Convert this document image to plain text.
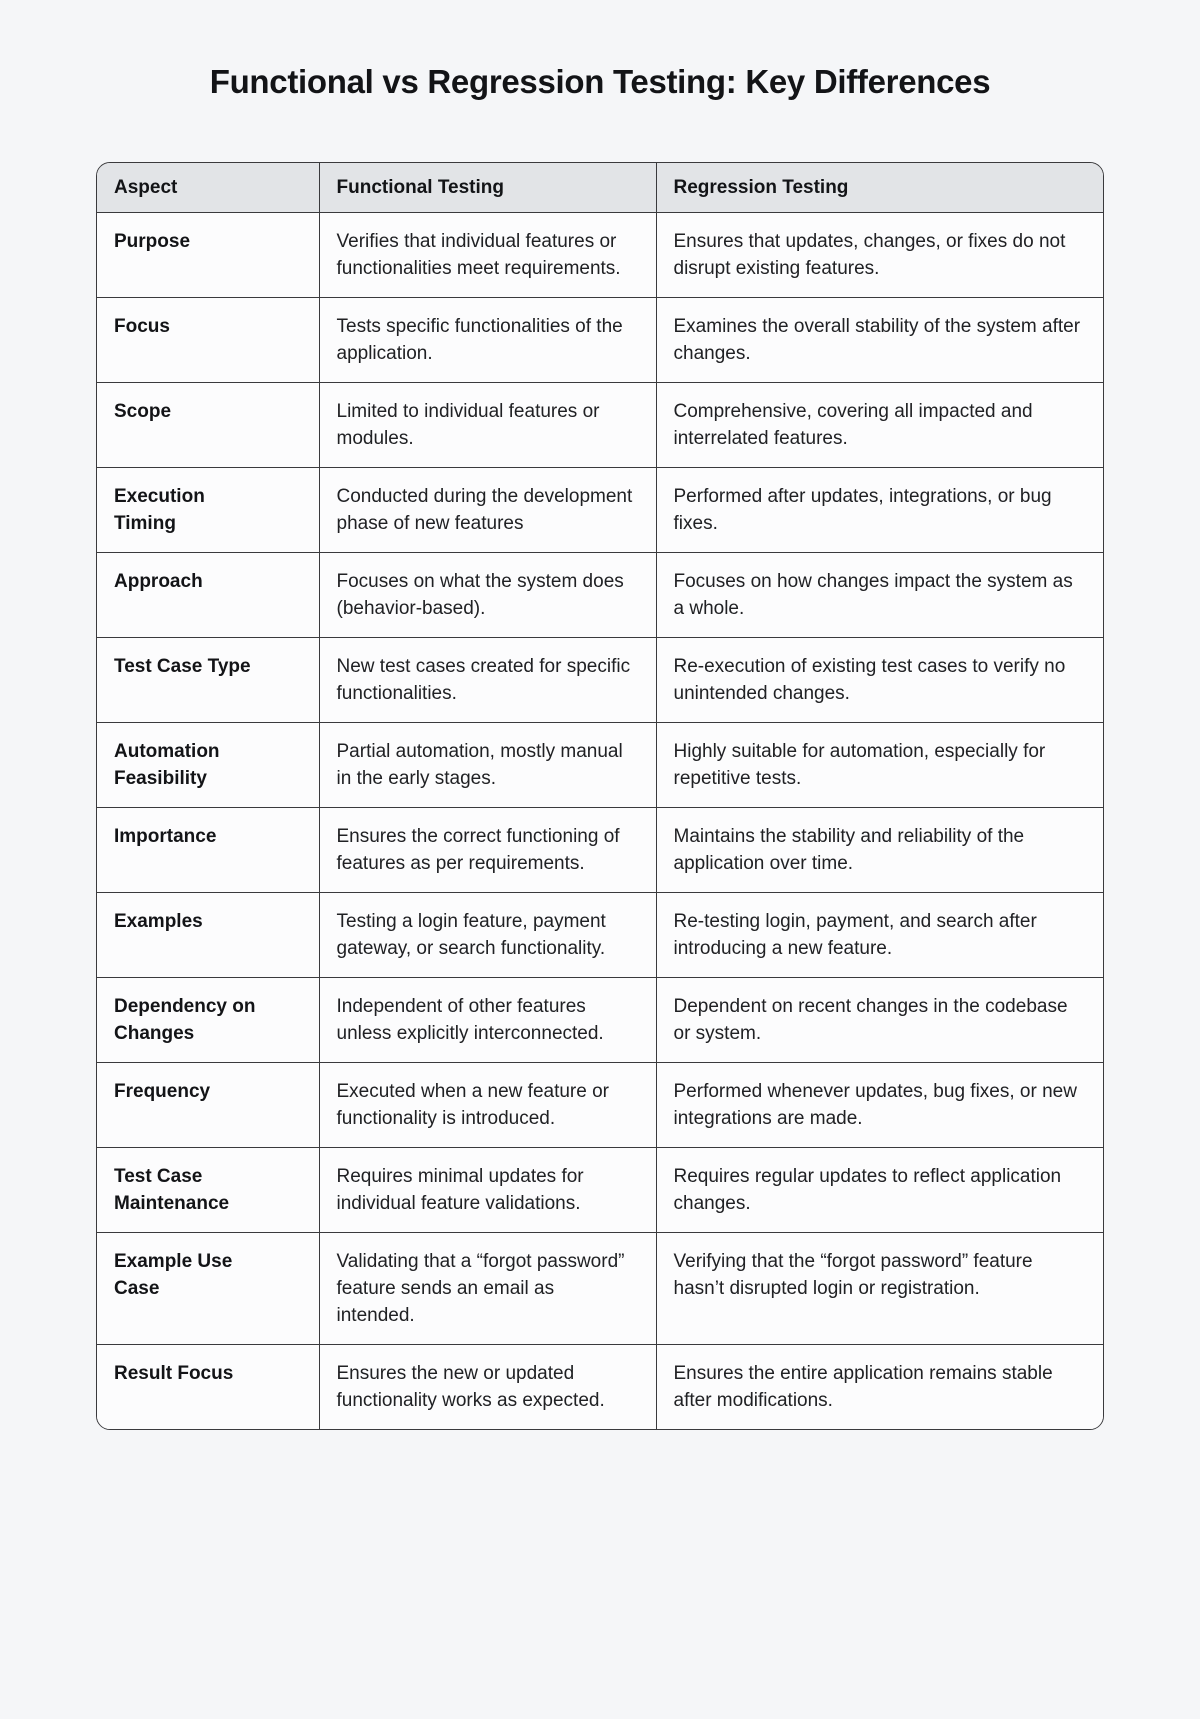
Functional vs Regression Testing: Key Differences
Aspect	Functional Testing	Regression Testing

Purpose	Verifies that individual features or functionalities meet requirements.	Ensures that updates, changes, or fixes do not disrupt existing features.

Focus	Tests specific functionalities of the application.	Examines the overall stability of the system after changes.

Scope	Limited to individual features or modules.	Comprehensive, covering all impacted and interrelated features.

Execution Timing	Conducted during the development phase of new features	Performed after updates, integrations, or bug fixes.

Approach	Focuses on what the system does (behavior-based).	Focuses on how changes impact the system as a whole.

Test Case Type	New test cases created for specific functionalities.	Re-execution of existing test cases to verify no unintended changes.

Automation Feasibility	Partial automation, mostly manual in the early stages.	Highly suitable for automation, especially for repetitive tests.

Importance	Ensures the correct functioning of features as per requirements.	Maintains the stability and reliability of the application over time.

Examples	Testing a login feature, payment gateway, or search functionality.	Re-testing login, payment, and search after introducing a new feature.

Dependency on Changes	Independent of other features unless explicitly interconnected.	Dependent on recent changes in the codebase or system.

Frequency	Executed when a new feature or functionality is introduced.	Performed whenever updates, bug fixes, or new integrations are made.

Test Case Maintenance	Requires minimal updates for individual feature validations.	Requires regular updates to reflect application changes.

Example Use Case	Validating that a “forgot password” feature sends an email as intended.	Verifying that the “forgot password” feature hasn’t disrupted login or registration.

Result Focus	Ensures the new or updated functionality works as expected.	Ensures the entire application remains stable after modifications.
